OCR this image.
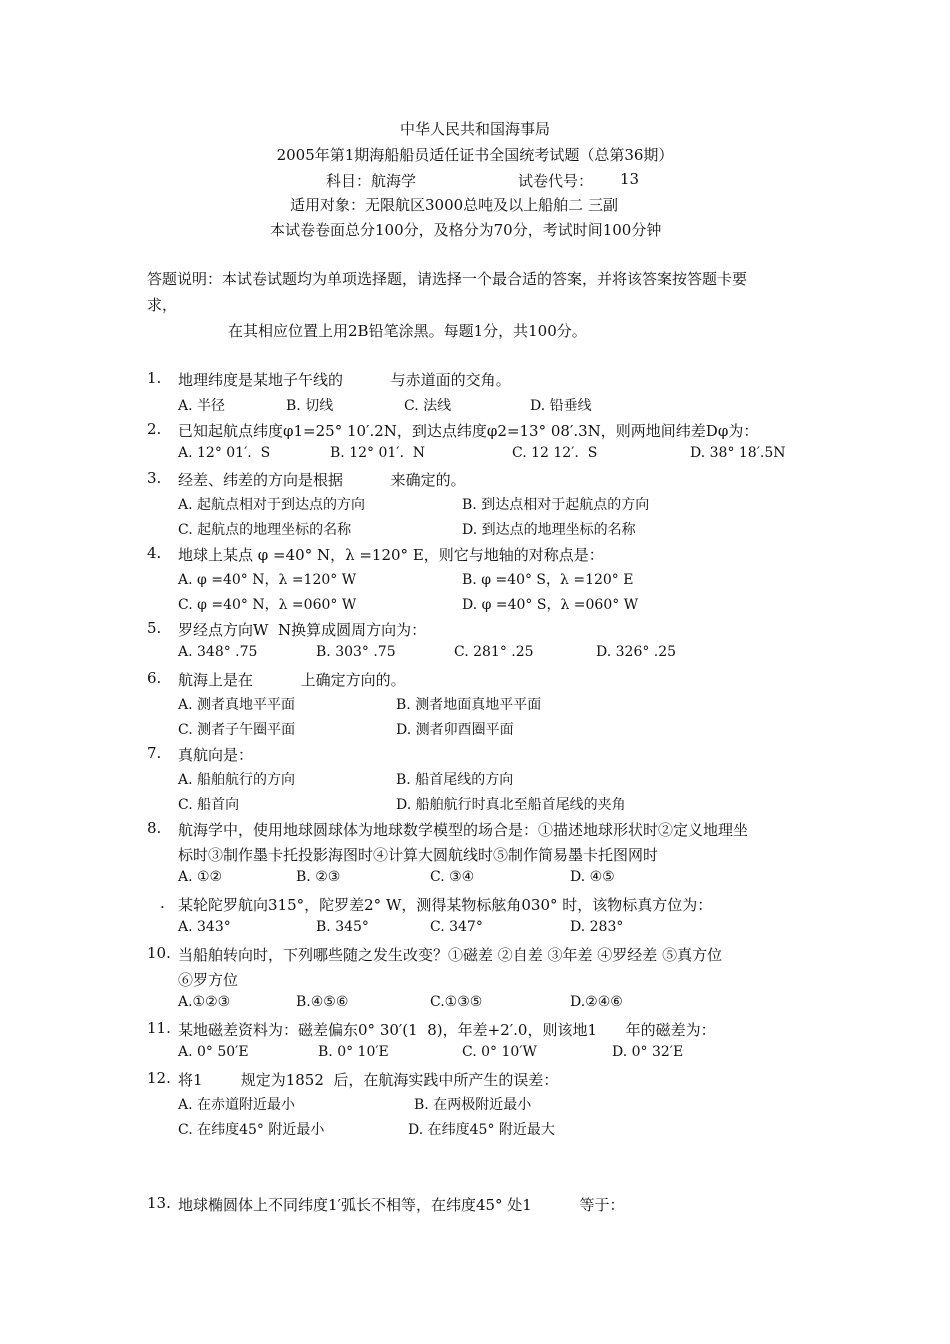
中华人民共和国海事局
2005年第1期海船船员适任证书全国统考试题（总第36期）
科目：航海学	试卷代号： 13
适用对象：无限航区3000总吨及以上船舶二 三副
本试卷卷面总分100分，及格分为70分，考试时间100分钟
答题说明：本试卷试题均为单项选择题，请选择一个最合适的答案，并将该答案按答题卡要
求，
在其相应位置上用2B铅笔涂黑。每题1分，共100分。
1. 地理纬度是某地子午线的          与赤道面的交角。
A. 半径	B. 切线	C. 法线	D. 铅垂线
2. 已知起航点纬度φ1=25° 10′.2N，到达点纬度φ2=13° 08′.3N，则两地间纬差Dφ为：
A. 12° 01′.  S	B. 12° 01′.  N	C. 12 12′.  S	D. 38° 18′.5N
3. 经差、纬差的方向是根据          来确定的。
A. 起航点相对于到达点的方向	B. 到达点相对于起航点的方向
C. 起航点的地理坐标的名称	D. 到达点的地理坐标的名称
4. 地球上某点 φ =40° N，λ =120° E，则它与地轴的对称点是：
A. φ =40° N，λ =120° W	B. φ =40° S，λ =120° E
C. φ =40° N，λ =060° W	D. φ =40° S，λ =060° W
5. 罗经点方向W  N换算成圆周方向为：
A. 348° .75	B. 303° .75	C. 281° .25	D. 326° .25
6. 航海上是在          上确定方向的。
A. 测者真地平平面	B. 测者地面真地平平面
C. 测者子午圈平面	D. 测者卯酉圈平面
7. 真航向是：
A. 船舶航行的方向	B. 船首尾线的方向
C. 船首向	D. 船舶航行时真北至船首尾线的夹角
8. 航海学中，使用地球圆球体为地球数学模型的场合是：①描述地球形状时②定义地理坐
标时③制作墨卡托投影海图时④计算大圆航线时⑤制作简易墨卡托图网时
A. ①②	B. ②③	C. ③④	D. ④⑤
. 某轮陀罗航向315°，陀罗差2° W，测得某物标舷角030° 时，该物标真方位为：
A. 343°	B. 345°	C. 347°	D. 283°
10. 当船舶转向时，下列哪些随之发生改变？①磁差 ②自差 ③年差 ④罗经差 ⑤真方位
⑥罗方位
A.①②③	B.④⑤⑥	C.①③⑤	D.②④⑥
11. 某地磁差资料为：磁差偏东0° 30′(1  8)，年差+2′.0，则该地1      年的磁差为：
A. 0° 50′E	B. 0° 10′E	C. 0° 10′W	D. 0° 32′E
12. 将1        规定为1852  后，在航海实践中所产生的误差：
A. 在赤道附近最小	B. 在两极附近最小
C. 在纬度45° 附近最小	D. 在纬度45° 附近最大
13. 地球椭圆体上不同纬度1′弧长不相等，在纬度45° 处1          等于：
